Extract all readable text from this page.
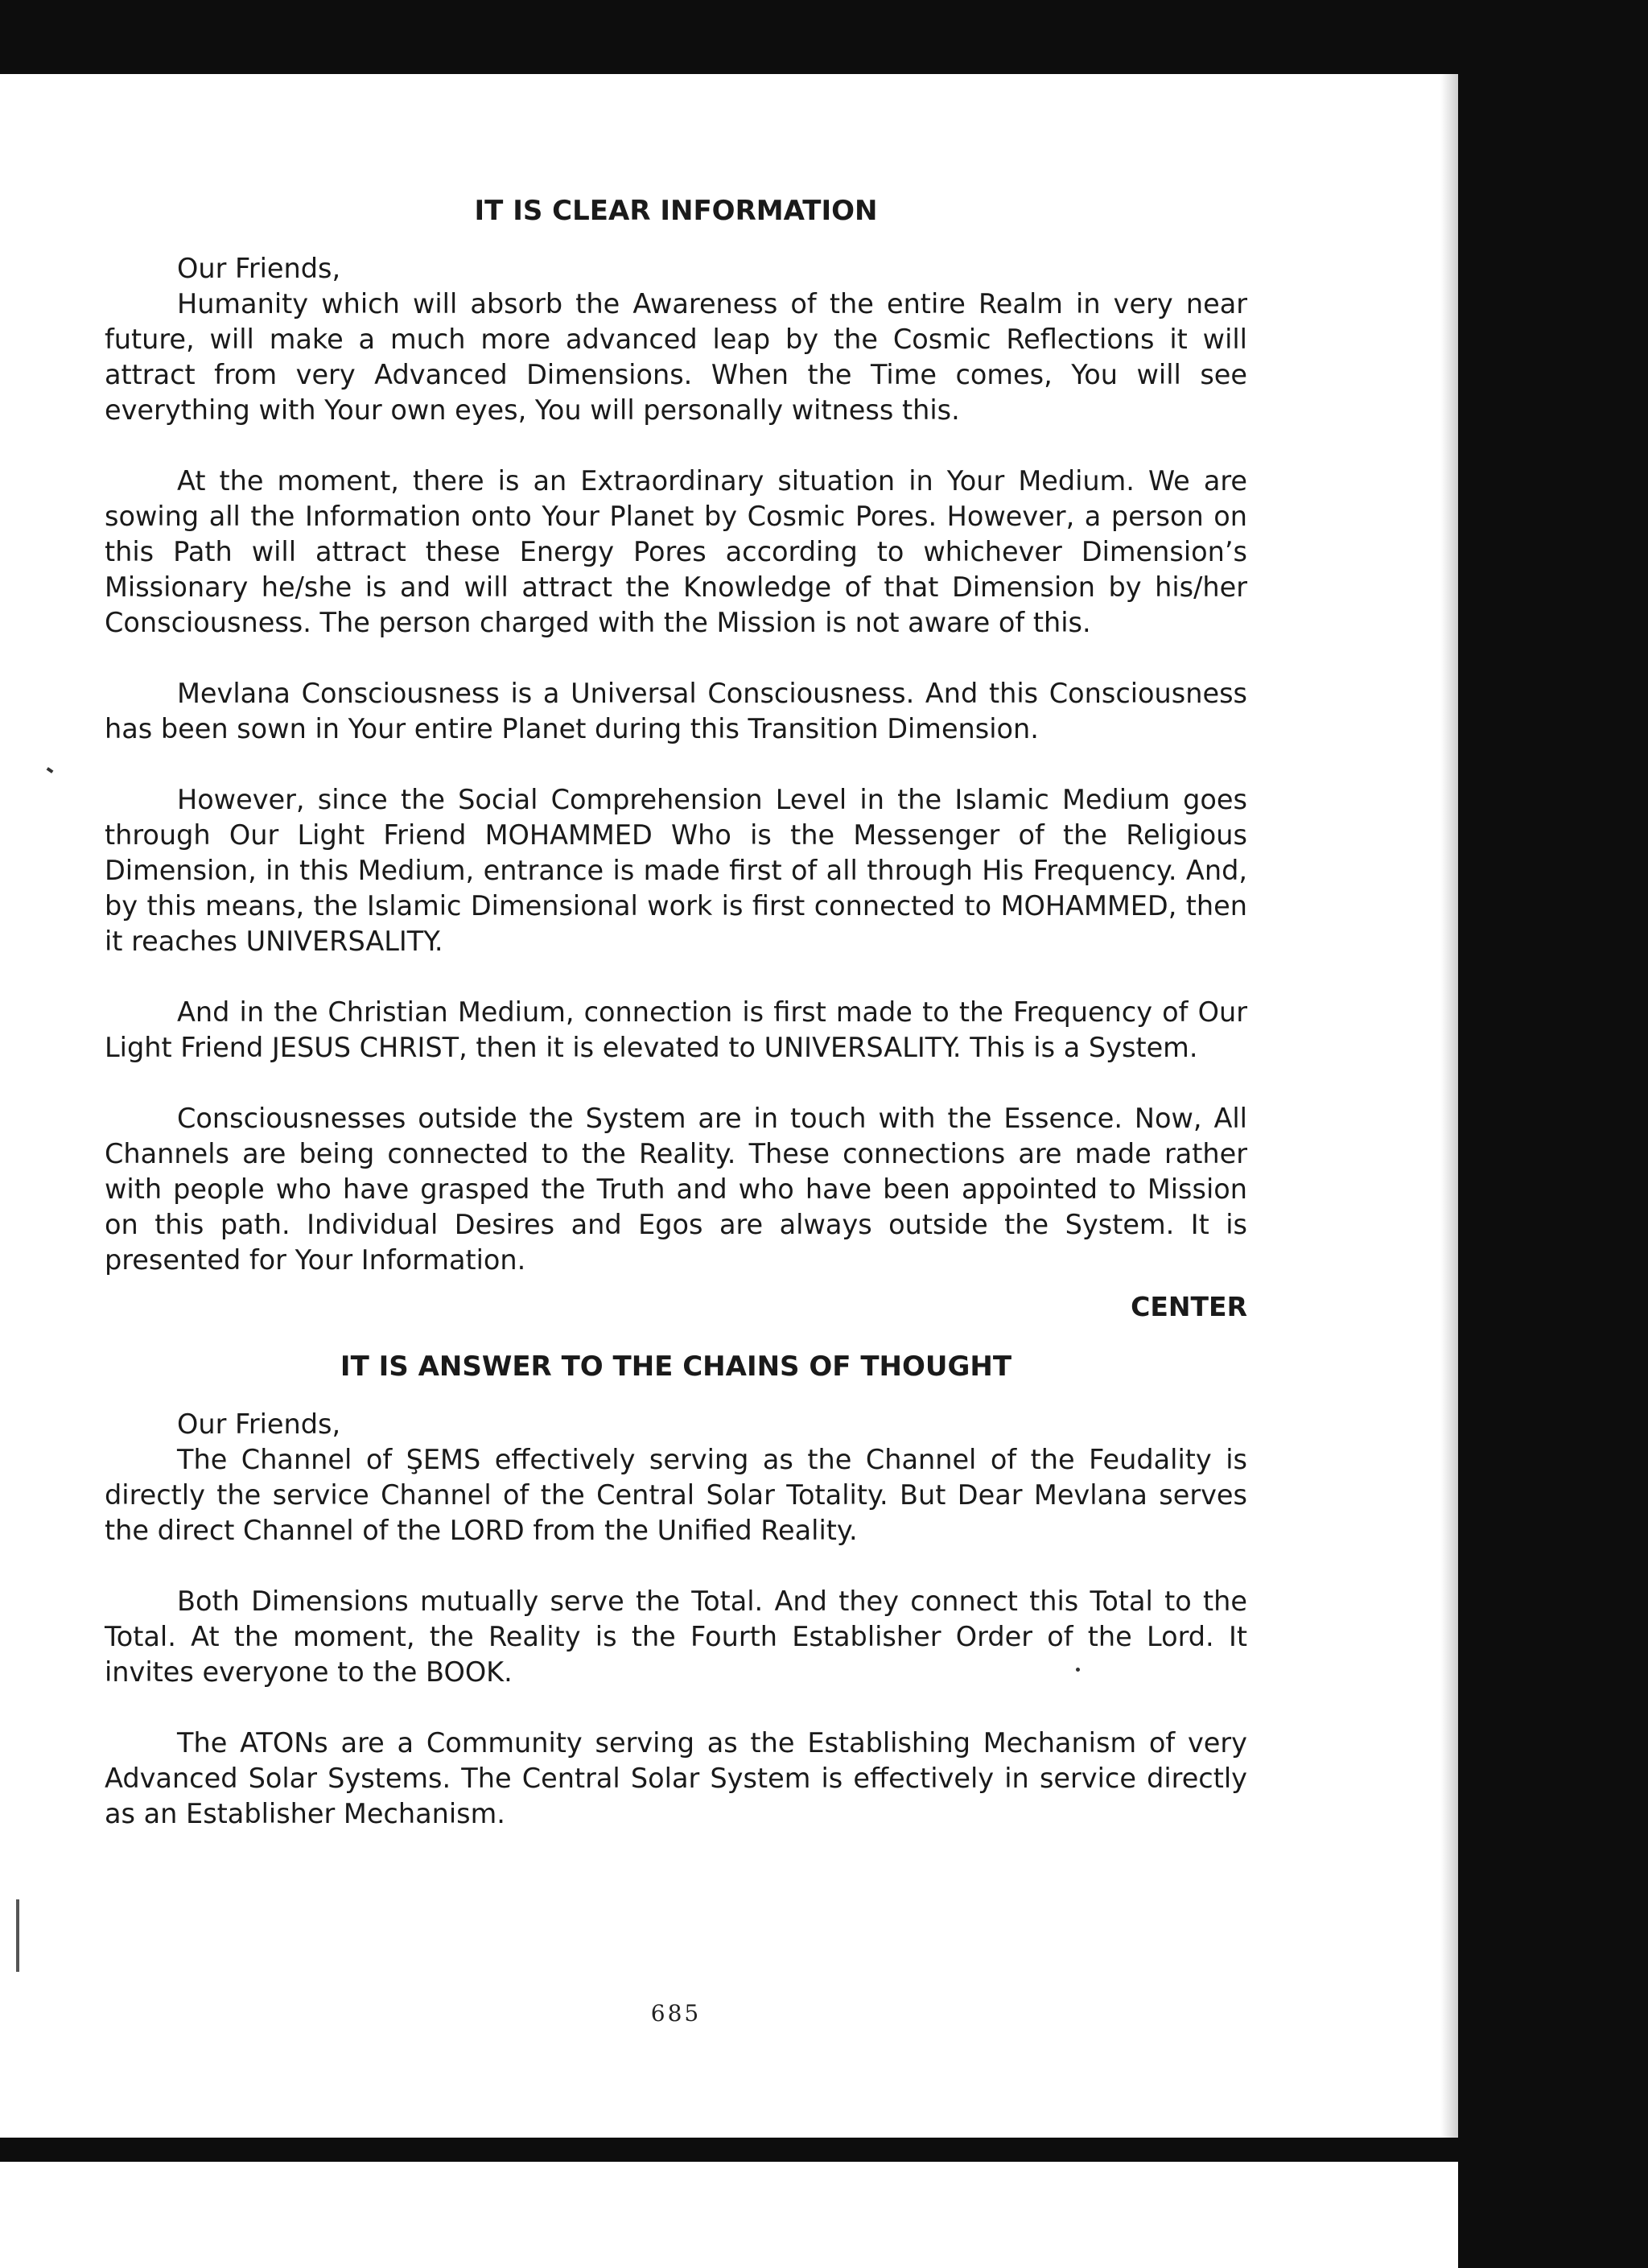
IT IS CLEAR INFORMATION

Our Friends,

Humanity which will absorb the Awareness of the entire Realm in very near future, will make a much more advanced leap by the Cosmic Reflections it will attract from very Advanced Dimensions. When the Time comes, You will see everything with Your own eyes, You will personally witness this.

At the moment, there is an Extraordinary situation in Your Medium. We are sowing all the Information onto Your Planet by Cosmic Pores. However, a person on this Path will attract these Energy Pores according to whichever Dimension’s Missionary he/she is and will attract the Knowledge of that Dimension by his/her Consciousness. The person charged with the Mission is not aware of this.

Mevlana Consciousness is a Universal Consciousness. And this Consciousness has been sown in Your entire Planet during this Transition Dimension.

However, since the Social Comprehension Level in the Islamic Medium goes through Our Light Friend MOHAMMED Who is the Messenger of the Religious Dimension, in this Medium, entrance is made first of all through His Frequency. And, by this means, the Islamic Dimensional work is first connected to MOHAMMED, then it reaches UNIVERSALITY.

And in the Christian Medium, connection is first made to the Frequency of Our Light Friend JESUS CHRIST, then it is elevated to UNIVERSALITY. This is a System.

Consciousnesses outside the System are in touch with the Essence. Now, All Channels are being connected to the Reality. These connections are made rather with people who have grasped the Truth and who have been appointed to Mission on this path. Individual Desires and Egos are always outside the System. It is presented for Your Information.

CENTER

IT IS ANSWER TO THE CHAINS OF THOUGHT

Our Friends,

The Channel of ŞEMS effectively serving as the Channel of the Feudality is directly the service Channel of the Central Solar Totality. But Dear Mevlana serves the direct Channel of the LORD from the Unified Reality.

Both Dimensions mutually serve the Total. And they connect this Total to the Total. At the moment, the Reality is the Fourth Establisher Order of the Lord. It invites everyone to the BOOK.

The ATONs are a Community serving as the Establishing Mechanism of very Advanced Solar Systems. The Central Solar System is effectively in service directly as an Establisher Mechanism.

685
